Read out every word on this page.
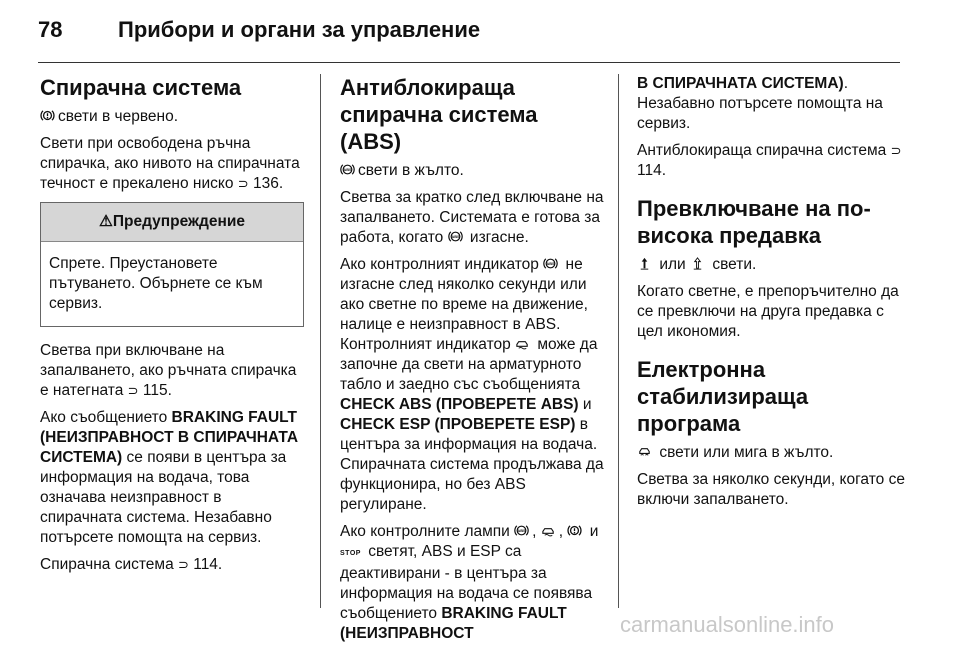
78	Прибори и органи за управление
Спирачна система

свети в червено.

Свети при освободена ръчна спирачка, ако нивото на спирачната течност е прекалено ниско ⊃ 136.

⚠Предупреждение
Спрете. Преустановете пътуването. Обърнете се към сервиз.

Светва при включване на запалването, ако ръчната спирачка е натегната ⊃ 115.

Ако съобщението BRAKING FAULT (НЕИЗПРАВНОСТ В СПИРАЧНАТА СИСТЕМА) се появи в центъра за информация на водача, това означава неизправност в спирачната система. Незабавно потърсете помощта на сервиз.

Спирачна система ⊃ 114.

Антиблокираща спирачна система (ABS)

ABS свети в жълто.

Светва за кратко след включване на запалването. Системата е готова за работа, когато ABS изгасне.

Ако контролният индикатор ABS не изгасне след няколко секунди или ако светне по време на движение, налице е неизправност в ABS. Контролният индикатор може да започне да свети на арматурното табло и заедно със съобщенията CHECK ABS (ПРОВЕРЕТЕ ABS) и CHECK ESP (ПРОВЕРЕТЕ ESP) в центъра за информация на водача. Спирачната система продължава да функционира, но без ABS регулиране.

Ако контролните лампи ABS ,
,
и STOP светят, ABS и ESP са деактивирани - в центъра за информация на водача се появява съобщението BRAKING FAULT (НЕИЗПРАВНОСТ

В СПИРАЧНАТА СИСТЕМА). Незабавно потърсете помощта на сервиз.

Антиблокираща спирачна система ⊃ 114.

Превключване на по-висока предавка

или свети.

Когато светне, е препоръчително да се превключи на друга предавка с цел икономия.

Електронна стабилизираща програма

свети или мига в жълто.

Светва за няколко секунди, когато се включи запалването.

carmanualsonline.info
